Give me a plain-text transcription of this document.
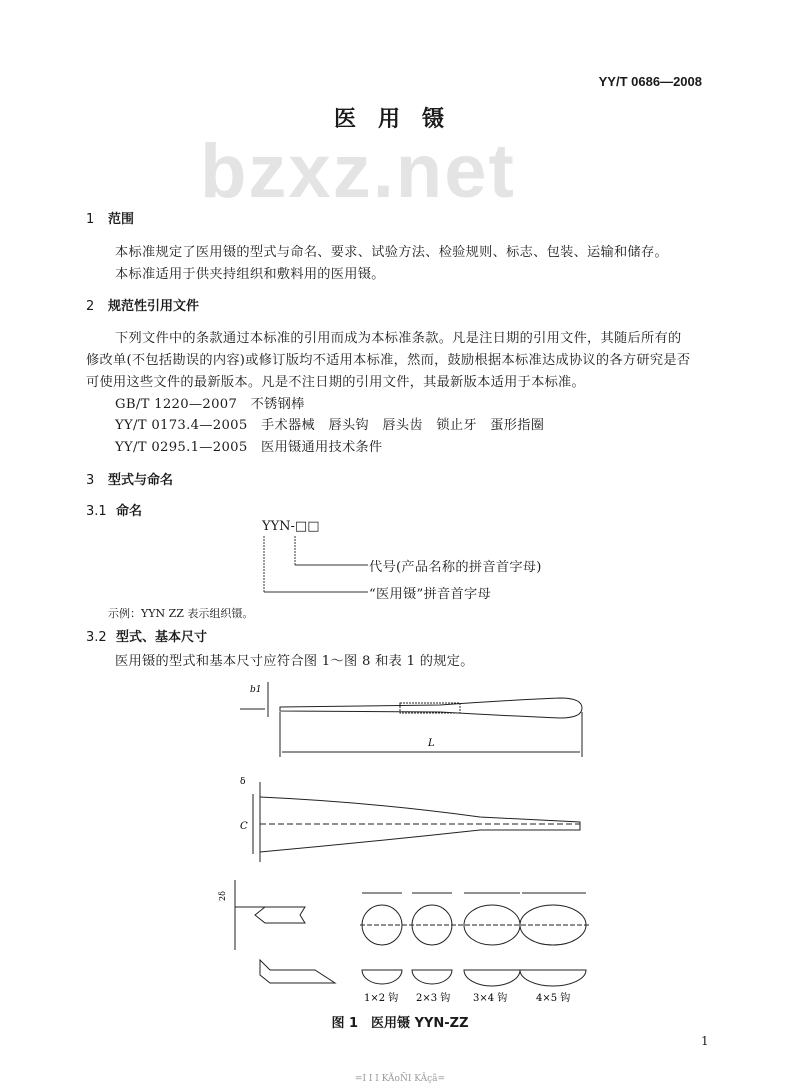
YY/T 0686—2008
bzxz.net
医用镊
1 范围
本标准规定了医用镊的型式与命名、要求、试验方法、检验规则、标志、包装、运输和储存。
本标准适用于供夹持组织和敷料用的医用镊。
2 规范性引用文件
下列文件中的条款通过本标准的引用而成为本标准条款。凡是注日期的引用文件，其随后所有的
修改单(不包括勘误的内容)或修订版均不适用本标准，然而，鼓励根据本标准达成协议的各方研究是否
可使用这些文件的最新版本。凡是不注日期的引用文件，其最新版本适用于本标准。
GB/T 1220—2007　不锈钢棒
YY/T 0173.4—2005　手术器械　唇头钩　唇头齿　锁止牙　蛋形指圈
YY/T 0295.1—2005　医用镊通用技术条件
3 型式与命名
3.1 命名
YYN-□□
代号(产品名称的拼音首字母)
“医用镊”拼音首字母
示例：YYN ZZ 表示组织镊。
3.2 型式、基本尺寸
医用镊的型式和基本尺寸应符合图 1～图 8 和表 1 的规定。
L
b1
δ
C
2δ
1×2 钩 2×3 钩 3×4 钩	4×5 钩
图 1　医用镊 YYN-ZZ
1
=I I I KÃoÑI KÂçã=
